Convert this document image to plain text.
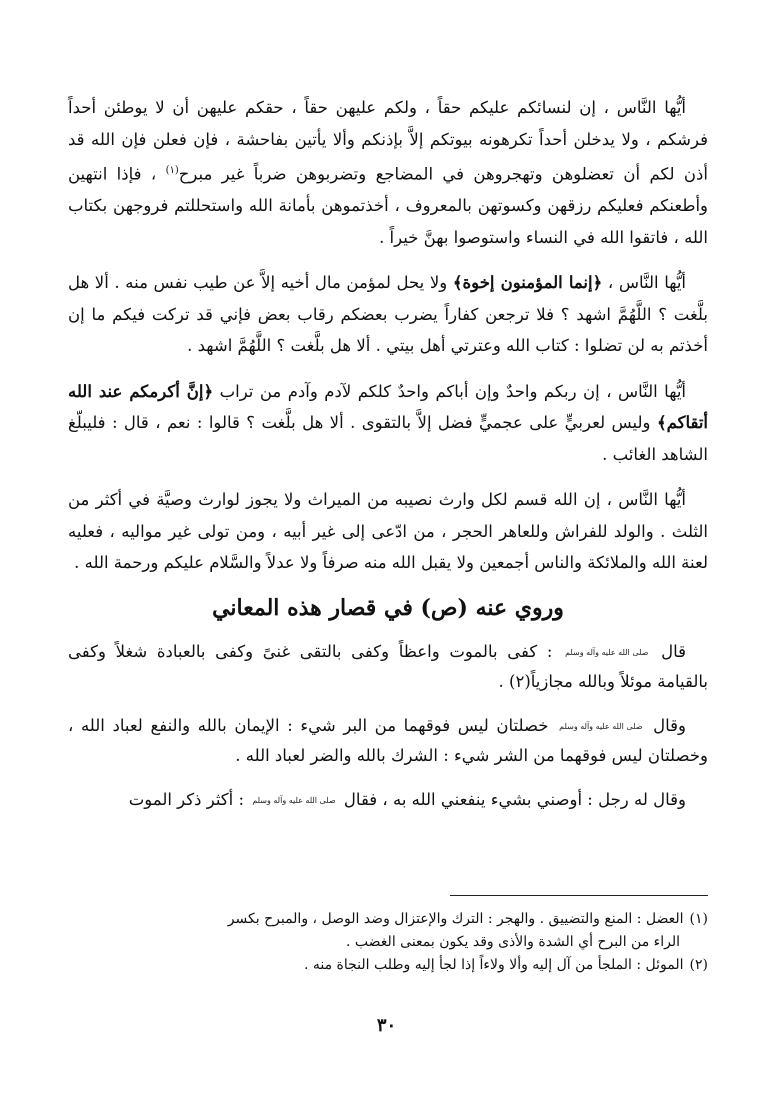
أيُّها النَّاس ، إن لنسائكم عليكم حقاً ، ولكم عليهن حقاً ، حقكم عليهن أن لا يوطئن أحداً فرشكم ، ولا يدخلن أحداً تكرهونه بيوتكم إلاَّ بإذنكم وألا يأتين بفاحشة ، فإن فعلن فإن الله قد أذن لكم أن تعضلوهن وتهجروهن في المضاجع وتضربوهن ضرباً غير مبرح$^{(١)}$ ، فإذا انتهين وأطعنكم فعليكم رزقهن وكسوتهن بالمعروف ، أخذتموهن بأمانة الله واستحللتم فروجهن بكتاب الله ، فاتقوا الله في النساء واستوصوا بهنَّ خيراً .

أيُّها النَّاس ، ﴿إنما المؤمنون إخوة﴾ ولا يحل لمؤمن مال أخيه إلاَّ عن طيب نفس منه . ألا هل بلَّغت ؟ اللَّهُمَّ اشهد ؟ فلا ترجعن كفاراً يضرب بعضكم رقاب بعض فإني قد تركت فيكم ما إن أخذتم به لن تضلوا : كتاب الله وعترتي أهل بيتي . ألا هل بلَّغت ؟ اللَّهُمَّ اشهد .

أيُّها النَّاس ، إن ربكم واحدٌ وإن أباكم واحدٌ كلكم لآدم وآدم من تراب ﴿إنَّ أكرمكم عند الله أتقاكم﴾ وليس لعربيٍّ على عجميٍّ فضل إلاَّ بالتقوى . ألا هل بلَّغت ؟ قالوا : نعم ، قال : فليبلّغ الشاهد الغائب .

أيُّها النَّاس ، إن الله قسم لكل وارث نصيبه من الميراث ولا يجوز لوارث وصيَّة في أكثر من الثلث . والولد للفراش وللعاهر الحجر ، من ادّعى إلى غير أبيه ، ومن تولى غير مواليه ، فعليه لعنة الله والملائكة والناس أجمعين ولا يقبل الله منه صرفاً ولا عدلاً والسَّلام عليكم ورحمة الله .

وروي عنه (ص) في قصار هذه المعاني

قال صلى الله عليه وآله وسلم : كفى بالموت واعظاً وكفى بالتقى غنىً وكفى بالعبادة شغلاً وكفى بالقيامة موئلاً وبالله مجازياً(٢) .

وقال صلى الله عليه وآله وسلم خصلتان ليس فوقهما من البر شيء : الإيمان بالله والنفع لعباد الله ، وخصلتان ليس فوقهما من الشر شيء : الشرك بالله والضر لعباد الله .

وقال له رجل : أوصني بشيء ينفعني الله به ، فقال صلى الله عليه وآله وسلم : أكثر ذكر الموت

(١)العضل : المنع والتضييق . والهجر : الترك والإعتزال وضد الوصل ، والمبرح بكسر

الراء من البرح أي الشدة والأذى وقد يكون بمعنى الغضب .

(٢)الموئل : الملجأ من آل إليه وألا ولاءاً إذا لجأ إليه وطلب النجاة منه .

٣٠
